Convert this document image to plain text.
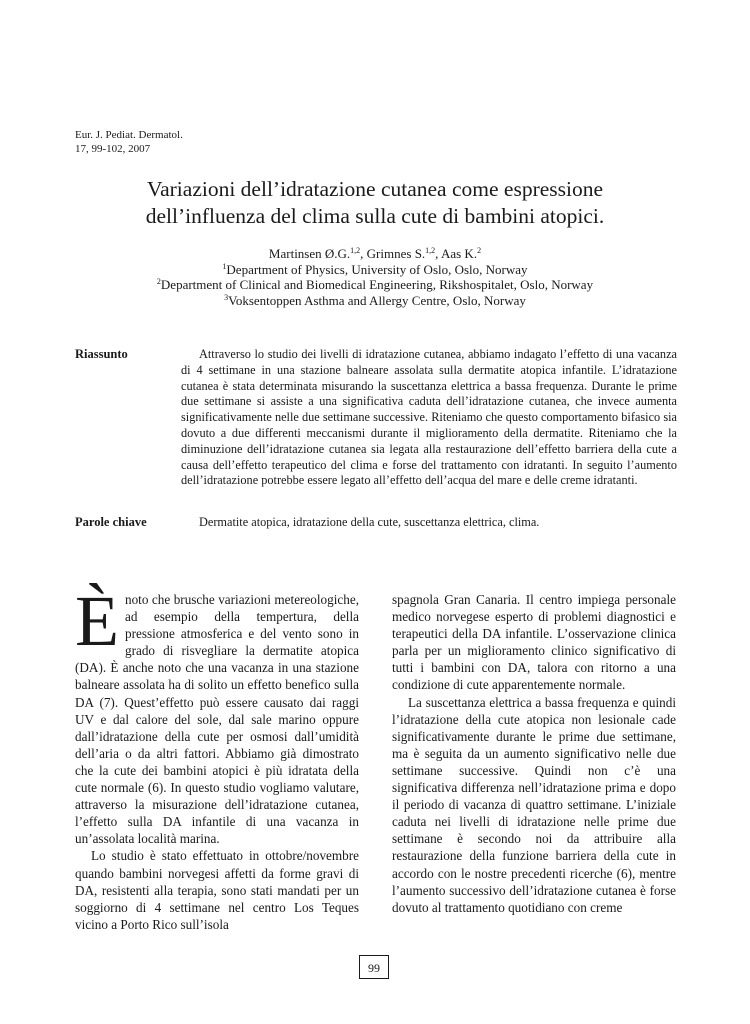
Eur. J. Pediat. Dermatol.
17, 99-102, 2007
Variazioni dell’idratazione cutanea come espressione
dell’influenza del clima sulla cute di bambini atopici.
Martinsen Ø.G.$^{1,2}$, Grimnes S.$^{1,2}$, Aas K.$^2$
$^1$Department of Physics, University of Oslo, Oslo, Norway
$^2$Department of Clinical and Biomedical Engineering, Rikshospitalet, Oslo, Norway
$^3$Voksentoppen Asthma and Allergy Centre, Oslo, Norway
Riassunto	Attraverso lo studio dei livelli di idratazione cutanea, abbiamo indagato l’effetto di una vacanza di 4 settimane in una stazione balneare assolata sulla dermatite atopica infantile. L’idratazione cutanea è stata determinata misurando la suscettanza elettrica a bassa frequenza. Durante le prime due settimane si assiste a una significativa caduta dell’idratazione cutanea, che invece aumenta significativamente nelle due settimane successive. Riteniamo che questo comportamento bifasico sia dovuto a due differenti meccanismi durante il miglioramento della dermatite. Riteniamo che la diminuzione dell’idratazione cutanea sia legata alla restaurazione dell’effetto barriera della cute a causa dell’effetto terapeutico del clima e forse del trattamento con idratanti. In seguito l’aumento dell’idratazione potrebbe essere legato all’effetto dell’acqua del mare e delle creme idratanti.
Parole chiave	Dermatite atopica, idratazione della cute, suscettanza elettrica, clima.

Ènoto che brusche variazioni metereologiche, ad esempio della tempertura, della pressione atmosferica e del vento sono in grado di risvegliare la dermatite atopica (DA). È anche noto che una vacanza in una stazione balneare assolata ha di solito un effetto benefico sulla DA (7). Quest’effetto può essere causato dai raggi UV e dal calore del sole, dal sale marino oppure dall’idratazione della cute per osmosi dall’umidità dell’aria o da altri fattori. Abbiamo già dimostrato che la cute dei bambini atopici è più idratata della cute normale (6). In questo studio vogliamo valutare, attraverso la misurazione dell’idratazione cutanea, l’effetto sulla DA infantile di una vacanza in un’assolata località marina.

Lo studio è stato effettuato in ottobre/novembre quando bambini norvegesi affetti da forme gravi di DA, resistenti alla terapia, sono stati mandati per un soggiorno di 4 settimane nel centro Los Teques vicino a Porto Rico sull’isola

spagnola Gran Canaria. Il centro impiega personale medico norvegese esperto di problemi diagnostici e terapeutici della DA infantile. L’osservazione clinica parla per un miglioramento clinico significativo di tutti i bambini con DA, talora con ritorno a una condizione di cute apparentemente normale.

La suscettanza elettrica a bassa frequenza e quindi l’idratazione della cute atopica non lesionale cade significativamente durante le prime due settimane, ma è seguita da un aumento significativo nelle due settimane successive. Quindi non c’è una significativa differenza nell’idratazione prima e dopo il periodo di vacanza di quattro settimane. L’iniziale caduta nei livelli di idratazione nelle prime due settimane è secondo noi da attribuire alla restaurazione della funzione barriera della cute in accordo con le nostre precedenti ricerche (6), mentre l’aumento successivo dell’idratazione cutanea è forse dovuto al trattamento quotidiano con creme

99
